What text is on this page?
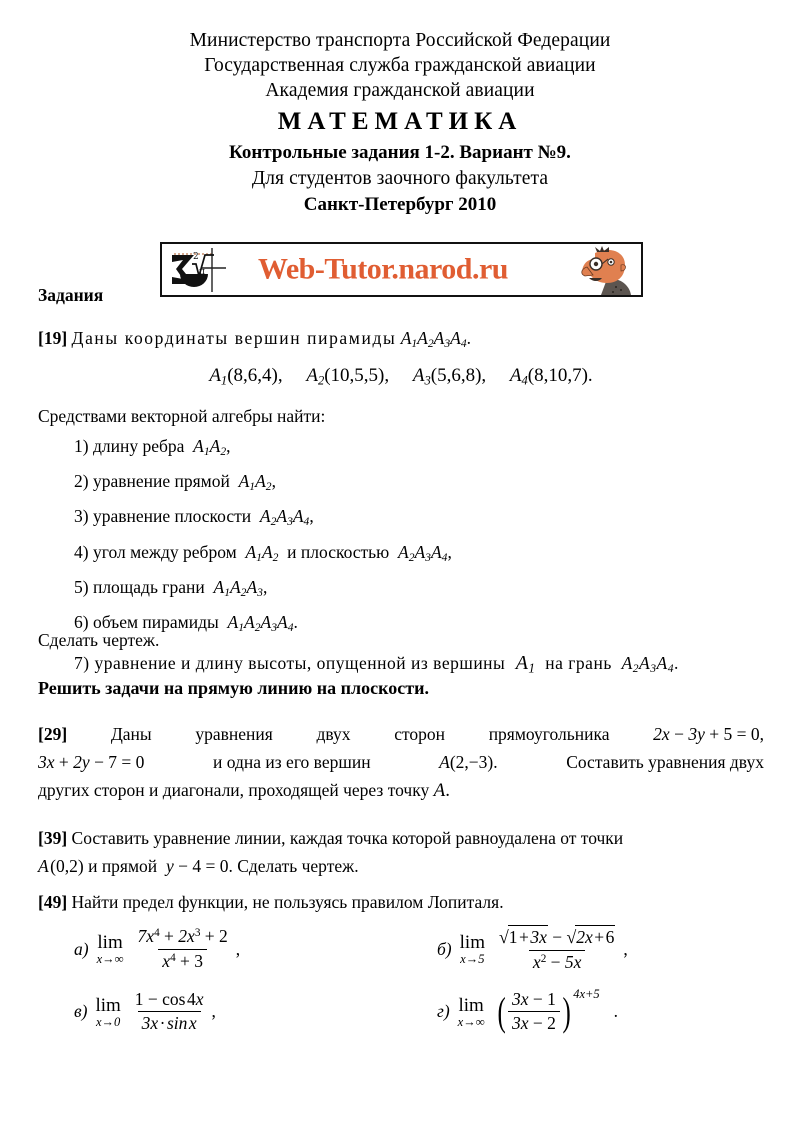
Министерство транспорта Российской Федерации
Государственная служба гражданской авиации
Академия гражданской авиации
МАТЕМАТИКА
Контрольные задания 1-2. Вариант №9.
Для студентов заочного факультета
Санкт-Петербург 2010
2
π Web-Tutor.narod.ru
Задания
[19] Даны координаты вершин пирамиды $A_1A_2A_3A_4$.
$A_1(8,6,4)$, $A_2(10,5,5)$, $A_3(5,6,8)$, $A_4(8,10,7)$.
Средствами векторной алгебры найти:
1) длину ребра  $A_1A_2$,
2) уравнение прямой  $A_1A_2$,
3) уравнение плоскости  $A_2A_3A_4$,
4) угол между ребром  $A_1A_2$  и плоскостью  $A_2A_3A_4$,
5) площадь грани  $A_1A_2A_3$,
6) объем пирамиды  $A_1A_2A_3A_4$.
7) уравнение и длину высоты, опущенной из вершины  $A_1$  на грань  $A_2A_3A_4$.
Сделать чертеж.
Решить задачи на прямую линию на плоскости.
[29] Даны уравнения двух сторон прямоугольника 2x − 3y + 5 = 0,
3x + 2y − 7 = 0	и одна из его вершин	A(2,−3).	Составить уравнения двух
других сторон и диагонали, проходящей через точку A.
[39] Составить уравнение линии, каждая точка которой равноудалена от точки
A (0,2) и прямой  y − 4 = 0. Сделать чертеж.
[49] Найти предел функции, не пользуясь правилом Лопиталя.
а) lim
$x\to\infty \frac{7x^4 + 2x^3 + 2}{x^4 + 3}$ ,	б) lim
$x\to 5 \frac{√1 + 3x - √2x + 6}{x^2 - 5x}$ ,
в) lim
$x\to 0 \frac{1 - \cos 4x}{\text{3x · sin x}}$ ,	г) lim
x→∞ ( $\frac{3x - 1}{3x - 2}$ ) 4x+5
.
